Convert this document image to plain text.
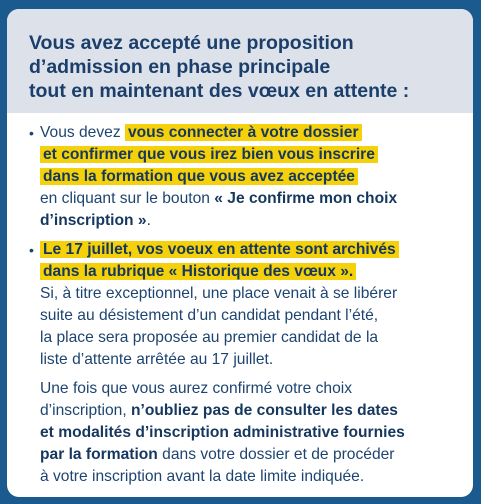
Vous avez accepté une proposition
d’admission en phase principale
tout en maintenant des vœux en attente :
• Vous devez vous connecter à votre dossier
et confirmer que vous irez bien vous inscrire
dans la formation que vous avez acceptée
en cliquant sur le bouton « Je confirme mon choix
d’inscription ».
• Le 17 juillet, vos voeux en attente sont archivés
dans la rubrique « Historique des vœux ».
Si, à titre exceptionnel, une place venait à se libérer
suite au désistement d’un candidat pendant l’été,
la place sera proposée au premier candidat de la
liste d’attente arrêtée au 17 juillet.
Une fois que vous aurez confirmé votre choix
d’inscription, n’oubliez pas de consulter les dates
et modalités d’inscription administrative fournies
par la formation dans votre dossier et de procéder
à votre inscription avant la date limite indiquée.
